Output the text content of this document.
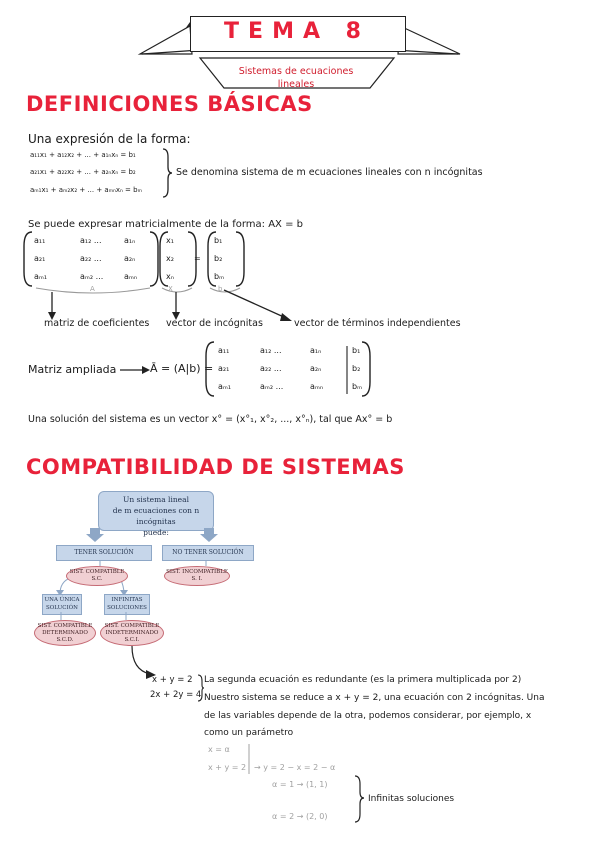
TEMA 8
Sistemas de ecuaciones
lineales
DEFINICIONES BÁSICAS
Una expresión de la forma:
a₁₁x₁ + a₁₂x₂ + ... + a₁ₙxₙ = b₁
a₂₁x₁ + a₂₂x₂ + ... + a₂ₙxₙ = b₂
aₘ₁x₁ + aₘ₂x₂ + ... + aₘₙxₙ = bₘ
Se denomina sistema de m ecuaciones lineales con n incógnitas
Se puede expresar matricialmente de la forma: AX = b
a₁₁	a₁₂ ...	a₁ₙ
a₂₁	a₂₂ ...	a₂ₙ
aₘ₁	aₘ₂ ...	aₘₙ
x₁
x₂
xₙ
=
b₁
b₂
bₘ
A	X	b
matriz de coeficientes vector de incógnitas	vector de términos independientes
Matriz ampliada	Ā = (A|b) =
a₁₁	a₁₂ ...	a₁ₙ	b₁
a₂₁	a₂₂ ...	a₂ₙ	b₂
aₘ₁	aₘ₂ ...	aₘₙ	bₘ
Una solución del sistema es un vector x° = (x°₁, x°₂, ..., x°ₙ), tal que Ax° = b
COMPATIBILIDAD DE SISTEMAS
Un sistema lineal
de m ecuaciones con n incógnitas
puede:
TENER SOLUCIÓN	NO TENER SOLUCIÓN
SIST. COMPATIBLE
S.C.
SIST. INCOMPATIBLE
S. I.
UNA ÚNICA
SOLUCIÓN
INFINITAS
SOLUCIONES
SIST. COMPATIBLE
DETERMINADO
S.C.D.
SIST. COMPATIBLE
INDETERMINADO
S.C.I.
x + y = 2
2x + 2y = 4
La segunda ecuación es redundante (es la primera multiplicada por 2)
Nuestro sistema se reduce a x + y = 2, una ecuación con 2 incógnitas. Una
de las variables depende de la otra, podemos considerar, por ejemplo, x
como un parámetro
x = α
x + y = 2 → y = 2 − x = 2 − α
α = 1 → (1, 1)
α = 2 → (2, 0)
Infinitas soluciones
